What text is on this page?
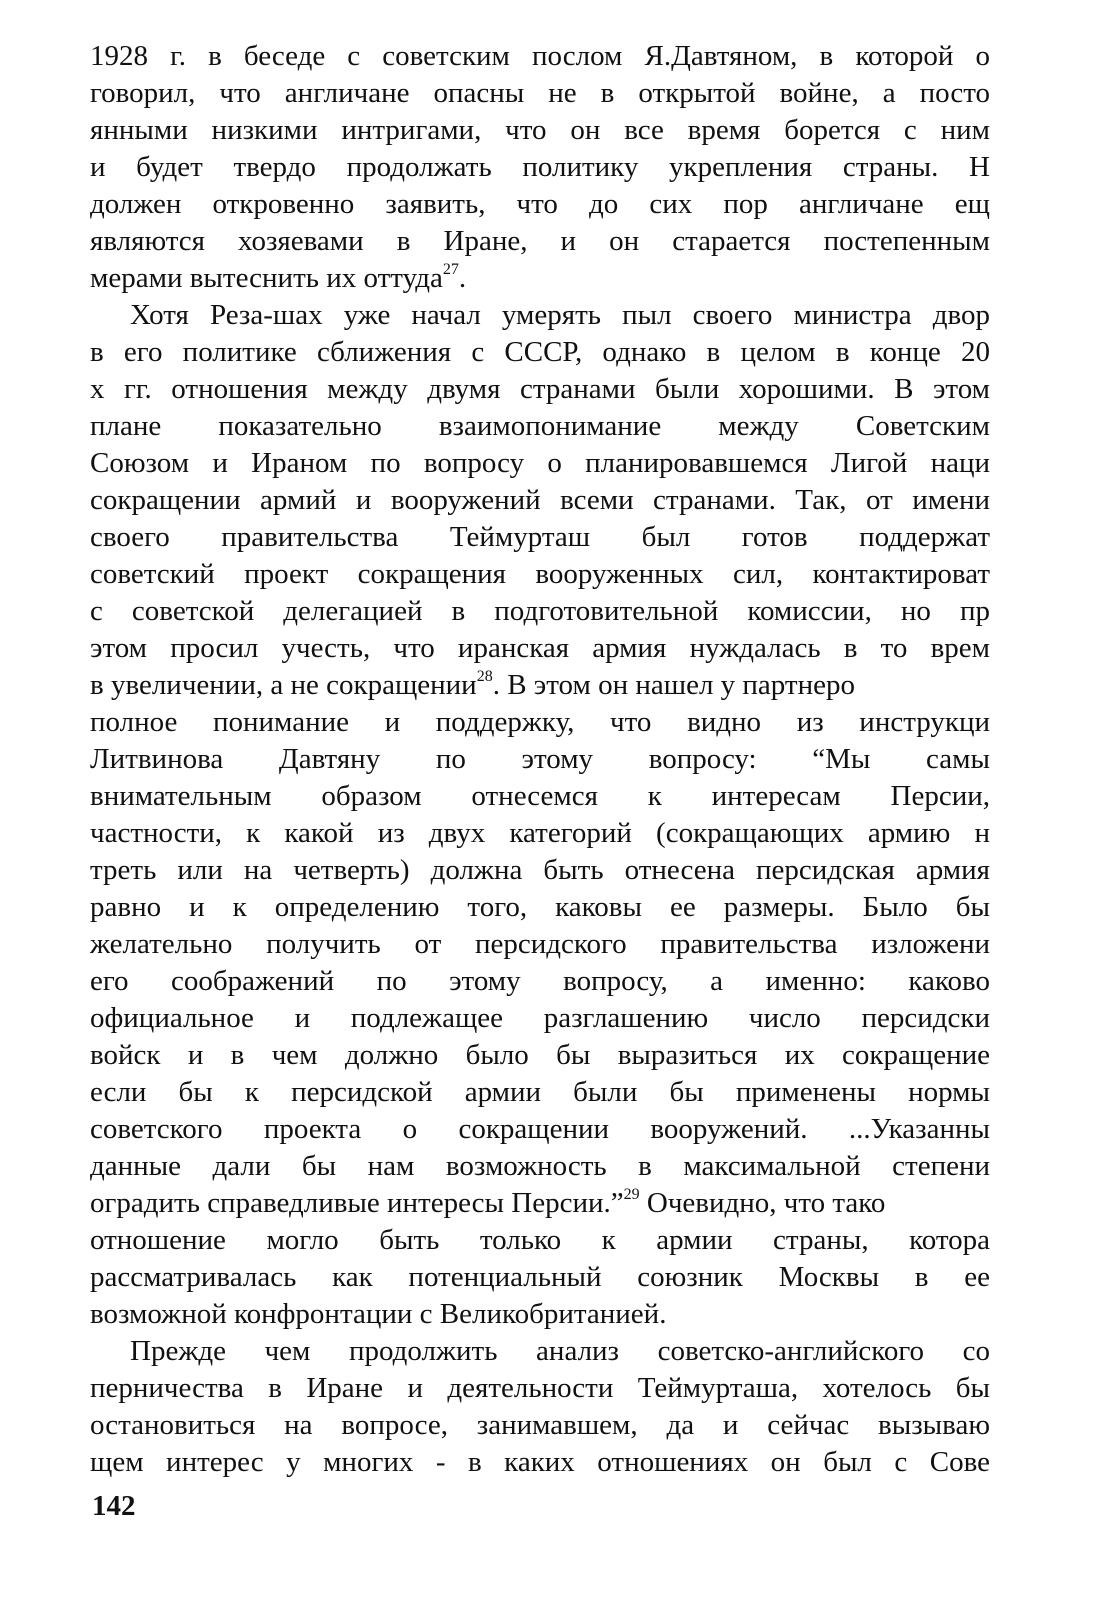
1928 г. в беседе с советским послом Я.Давтяном, в которой о
говорил, что англичане опасны не в открытой войне, а посто
янными низкими интригами, что он все время борется с ним
и будет твердо продолжать политику укрепления страны. Н
должен откровенно заявить, что до сих пор англичане ещ
являются хозяевами в Иране, и он старается постепенным
мерами вытеснить их оттуда$^{27}$.
Хотя Реза-шах уже начал умерять пыл своего министра двор
в его политике сближения с СССР, однако в целом в конце 20
х гг. отношения между двумя странами были хорошими. В этом
плане показательно взаимопонимание между Советским
Союзом и Ираном по вопросу о планировавшемся Лигой наци
сокращении армий и вооружений всеми странами. Так, от имени
своего правительства Теймурташ был готов поддержат
советский проект сокращения вооруженных сил, контактироват
с советской делегацией в подготовительной комиссии, но пр
этом просил учесть, что иранская армия нуждалась в то врем
в увеличении, а не сокращении$^{28}$. В этом он нашел у партнеро
полное понимание и поддержку, что видно из инструкци
Литвинова Давтяну по этому вопросу: “Мы самы
внимательным образом отнесемся к интересам Персии,
частности, к какой из двух категорий (сокращающих армию н
треть или на четверть) должна быть отнесена персидская армия
равно и к определению того, каковы ее размеры. Было бы
желательно получить от персидского правительства изложени
его соображений по этому вопросу, а именно: каково
официальное и подлежащее разглашению число персидски
войск и в чем должно было бы выразиться их сокращение
если бы к персидской армии были бы применены нормы
советского проекта о сокращении вооружений. ...Указанны
данные дали бы нам возможность в максимальной степени
оградить справедливые интересы Персии.”$^{29}$ Очевидно, что тако
отношение могло быть только к армии страны, котора
рассматривалась как потенциальный союзник Москвы в ее
возможной конфронтации с Великобританией.
Прежде чем продолжить анализ советско-английского со
перничества в Иране и деятельности Теймурташа, хотелось бы
остановиться на вопросе, занимавшем, да и сейчас вызываю
щем интерес у многих - в каких отношениях он был с Сове
142
